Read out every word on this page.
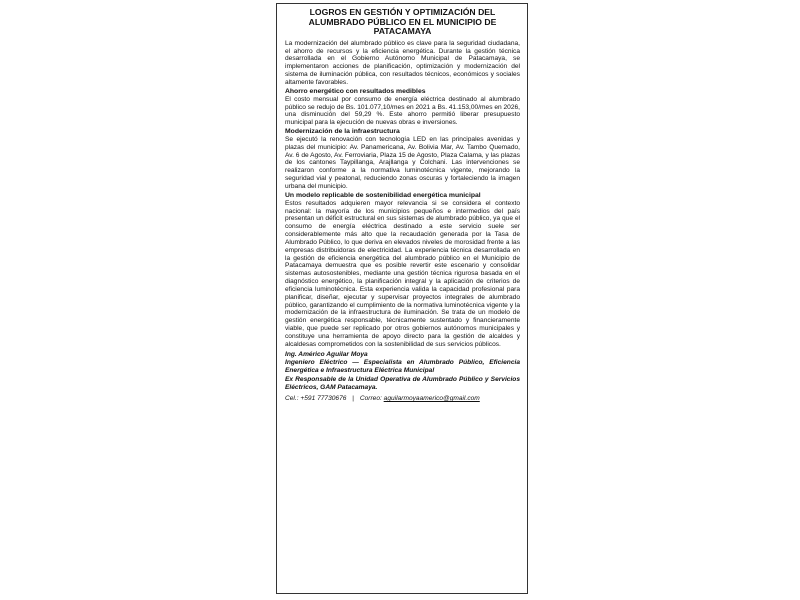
LOGROS EN GESTIÓN Y OPTIMIZACIÓN DEL ALUMBRADO PÚBLICO EN EL MUNICIPIO DE PATACAMAYA
La modernización del alumbrado público es clave para la seguridad ciudadana, el ahorro de recursos y la eficiencia energética. Durante la gestión técnica desarrollada en el Gobierno Autónomo Municipal de Patacamaya, se implementaron acciones de planificación, optimización y modernización del sistema de iluminación pública, con resultados técnicos, económicos y sociales altamente favorables.
Ahorro energético con resultados medibles
El costo mensual por consumo de energía eléctrica destinado al alumbrado público se redujo de Bs. 101.077,10/mes en 2021 a Bs. 41.153,00/mes en 2026, una disminución del 59,29 %. Este ahorro permitió liberar presupuesto municipal para la ejecución de nuevas obras e inversiones.
Modernización de la infraestructura
Se ejecutó la renovación con tecnología LED en las principales avenidas y plazas del municipio: Av. Panamericana, Av. Bolivia Mar, Av. Tambo Quemado, Av. 6 de Agosto, Av. Ferroviaria, Plaza 15 de Agosto, Plaza Calama, y las plazas de los cantones Taypillanga, Arajllanga y Colchani. Las intervenciones se realizaron conforme a la normativa luminotécnica vigente, mejorando la seguridad vial y peatonal, reduciendo zonas oscuras y fortaleciendo la imagen urbana del municipio.
Un modelo replicable de sostenibilidad energética municipal
Estos resultados adquieren mayor relevancia si se considera el contexto nacional: la mayoría de los municipios pequeños e intermedios del país presentan un déficit estructural en sus sistemas de alumbrado público, ya que el consumo de energía eléctrica destinado a este servicio suele ser considerablemente más alto que la recaudación generada por la Tasa de Alumbrado Público, lo que deriva en elevados niveles de morosidad frente a las empresas distribuidoras de electricidad. La experiencia técnica desarrollada en la gestión de eficiencia energética del alumbrado público en el Municipio de Patacamaya demuestra que es posible revertir este escenario y consolidar sistemas autosostenibles, mediante una gestión técnica rigurosa basada en el diagnóstico energético, la planificación integral y la aplicación de criterios de eficiencia luminotécnica. Esta experiencia valida la capacidad profesional para planificar, diseñar, ejecutar y supervisar proyectos integrales de alumbrado público, garantizando el cumplimiento de la normativa luminotécnica vigente y la modernización de la infraestructura de iluminación. Se trata de un modelo de gestión energética responsable, técnicamente sustentado y financieramente viable, que puede ser replicado por otros gobiernos autónomos municipales y constituye una herramienta de apoyo directo para la gestión de alcaldes y alcaldesas comprometidos con la sostenibilidad de sus servicios públicos.
Ing. Américo Aguilar Moya
Ingeniero Eléctrico — Especialista en Alumbrado Público, Eficiencia Energética e Infraestructura Eléctrica Municipal
Ex Responsable de la Unidad Operativa de Alumbrado Público y Servicios Eléctricos, GAM Patacamaya.
Cel.: +591 77730676 | Correo: aguilarmoyaamerico@gmail.com
